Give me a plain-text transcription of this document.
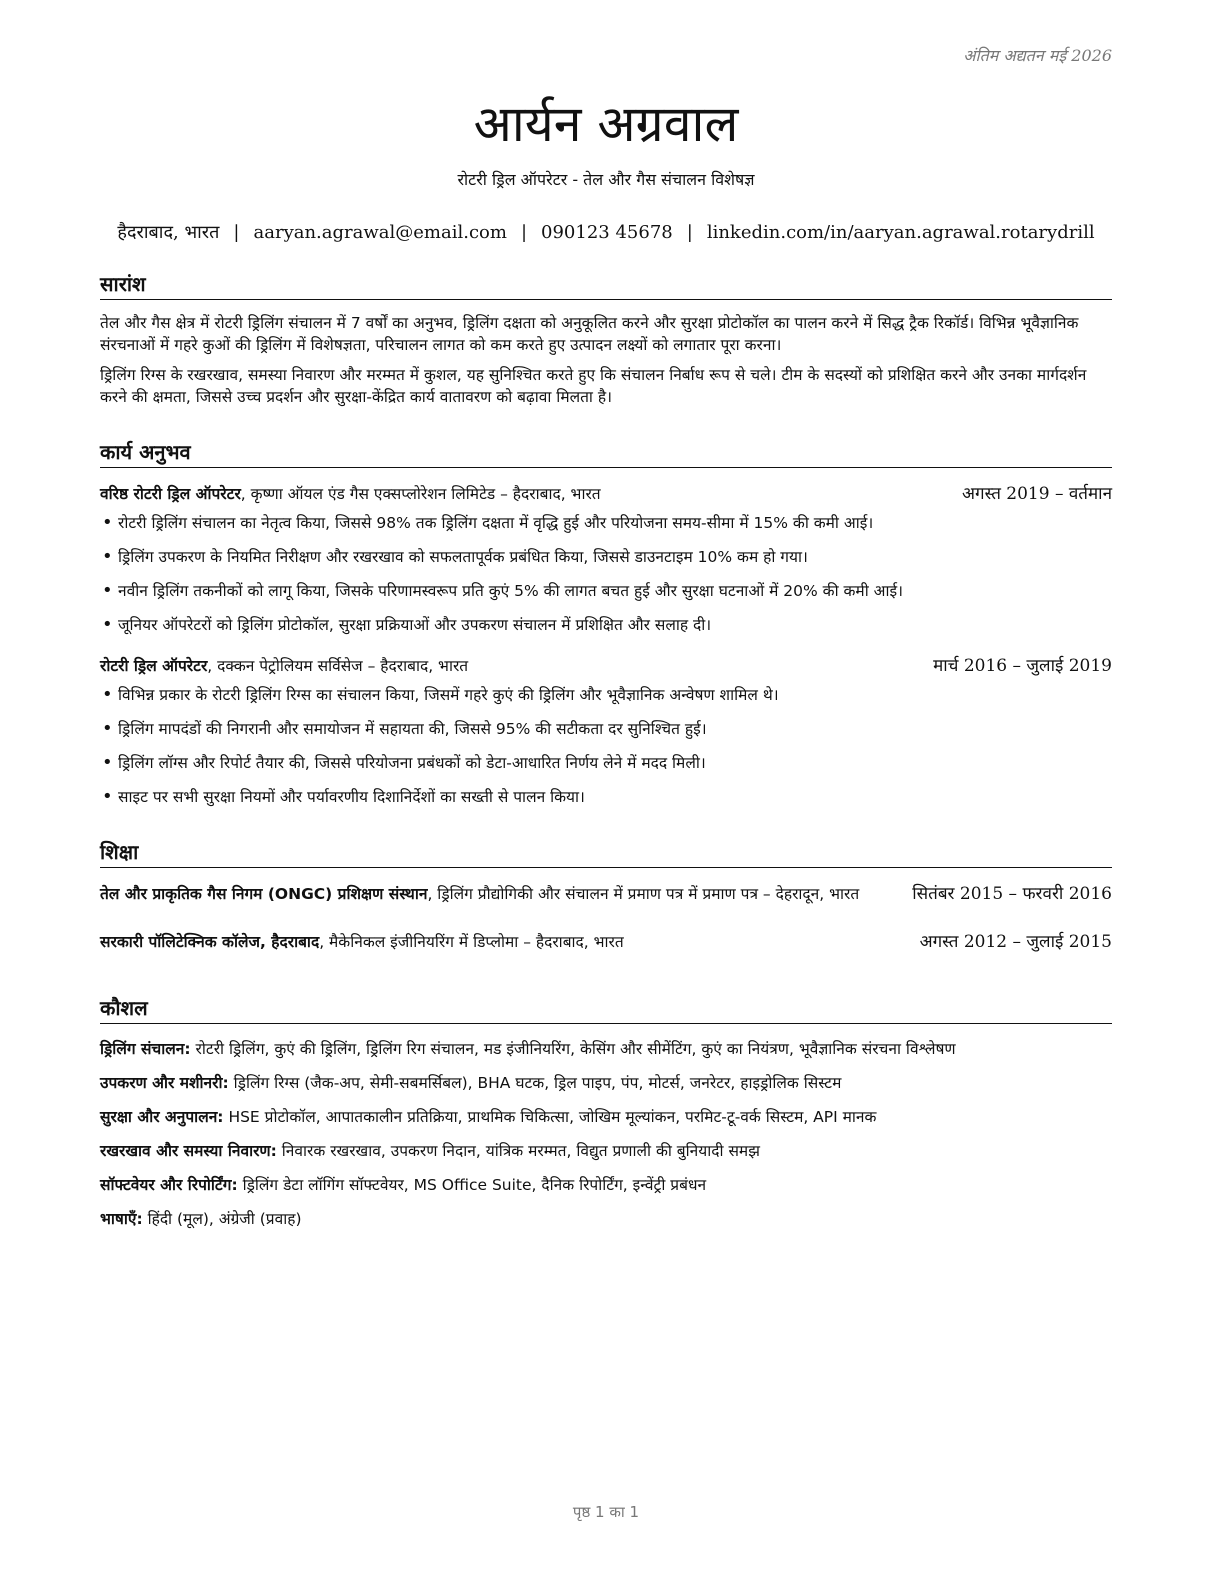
अंतिम अद्यतन मई 2026
आर्यन अग्रवाल
रोटरी ड्रिल ऑपरेटर - तेल और गैस संचालन विशेषज्ञ
हैदराबाद, भारत | aaryan.agrawal@email.com | 090123 45678 | linkedin.com/in/aaryan.agrawal.rotarydrill
सारांश
तेल और गैस क्षेत्र में रोटरी ड्रिलिंग संचालन में 7 वर्षों का अनुभव, ड्रिलिंग दक्षता को अनुकूलित करने और सुरक्षा प्रोटोकॉल का पालन करने में सिद्ध ट्रैक रिकॉर्ड। विभिन्न भूवैज्ञानिक संरचनाओं में गहरे कुओं की ड्रिलिंग में विशेषज्ञता, परिचालन लागत को कम करते हुए उत्पादन लक्ष्यों को लगातार पूरा करना।
ड्रिलिंग रिग्स के रखरखाव, समस्या निवारण और मरम्मत में कुशल, यह सुनिश्चित करते हुए कि संचालन निर्बाध रूप से चले। टीम के सदस्यों को प्रशिक्षित करने और उनका मार्गदर्शन करने की क्षमता, जिससे उच्च प्रदर्शन और सुरक्षा-केंद्रित कार्य वातावरण को बढ़ावा मिलता है।
कार्य अनुभव
वरिष्ठ रोटरी ड्रिल ऑपरेटर, कृष्णा ऑयल एंड गैस एक्सप्लोरेशन लिमिटेड – हैदराबाद, भारत	अगस्त 2019 – वर्तमान
• रोटरी ड्रिलिंग संचालन का नेतृत्व किया, जिससे 98% तक ड्रिलिंग दक्षता में वृद्धि हुई और परियोजना समय-सीमा में 15% की कमी आई।
• ड्रिलिंग उपकरण के नियमित निरीक्षण और रखरखाव को सफलतापूर्वक प्रबंधित किया, जिससे डाउनटाइम 10% कम हो गया।
• नवीन ड्रिलिंग तकनीकों को लागू किया, जिसके परिणामस्वरूप प्रति कुएं 5% की लागत बचत हुई और सुरक्षा घटनाओं में 20% की कमी आई।
• जूनियर ऑपरेटरों को ड्रिलिंग प्रोटोकॉल, सुरक्षा प्रक्रियाओं और उपकरण संचालन में प्रशिक्षित और सलाह दी।
रोटरी ड्रिल ऑपरेटर, दक्कन पेट्रोलियम सर्विसेज – हैदराबाद, भारत	मार्च 2016 – जुलाई 2019
• विभिन्न प्रकार के रोटरी ड्रिलिंग रिग्स का संचालन किया, जिसमें गहरे कुएं की ड्रिलिंग और भूवैज्ञानिक अन्वेषण शामिल थे।
• ड्रिलिंग मापदंडों की निगरानी और समायोजन में सहायता की, जिससे 95% की सटीकता दर सुनिश्चित हुई।
• ड्रिलिंग लॉग्स और रिपोर्ट तैयार की, जिससे परियोजना प्रबंधकों को डेटा-आधारित निर्णय लेने में मदद मिली।
• साइट पर सभी सुरक्षा नियमों और पर्यावरणीय दिशानिर्देशों का सख्ती से पालन किया।
शिक्षा
तेल और प्राकृतिक गैस निगम (ONGC) प्रशिक्षण संस्थान, ड्रिलिंग प्रौद्योगिकी और संचालन में प्रमाण पत्र में प्रमाण पत्र – देहरादून, भारत	सितंबर 2015 – फरवरी 2016
सरकारी पॉलिटेक्निक कॉलेज, हैदराबाद, मैकेनिकल इंजीनियरिंग में डिप्लोमा – हैदराबाद, भारत	अगस्त 2012 – जुलाई 2015
कौशल
ड्रिलिंग संचालन: रोटरी ड्रिलिंग, कुएं की ड्रिलिंग, ड्रिलिंग रिग संचालन, मड इंजीनियरिंग, केसिंग और सीमेंटिंग, कुएं का नियंत्रण, भूवैज्ञानिक संरचना विश्लेषण
उपकरण और मशीनरी: ड्रिलिंग रिग्स (जैक-अप, सेमी-सबमर्सिबल), BHA घटक, ड्रिल पाइप, पंप, मोटर्स, जनरेटर, हाइड्रोलिक सिस्टम
सुरक्षा और अनुपालन: HSE प्रोटोकॉल, आपातकालीन प्रतिक्रिया, प्राथमिक चिकित्सा, जोखिम मूल्यांकन, परमिट-टू-वर्क सिस्टम, API मानक
रखरखाव और समस्या निवारण: निवारक रखरखाव, उपकरण निदान, यांत्रिक मरम्मत, विद्युत प्रणाली की बुनियादी समझ
सॉफ्टवेयर और रिपोर्टिंग: ड्रिलिंग डेटा लॉगिंग सॉफ्टवेयर, MS Office Suite, दैनिक रिपोर्टिंग, इन्वेंट्री प्रबंधन
भाषाएँ: हिंदी (मूल), अंग्रेजी (प्रवाह)
पृष्ठ 1 का 1
